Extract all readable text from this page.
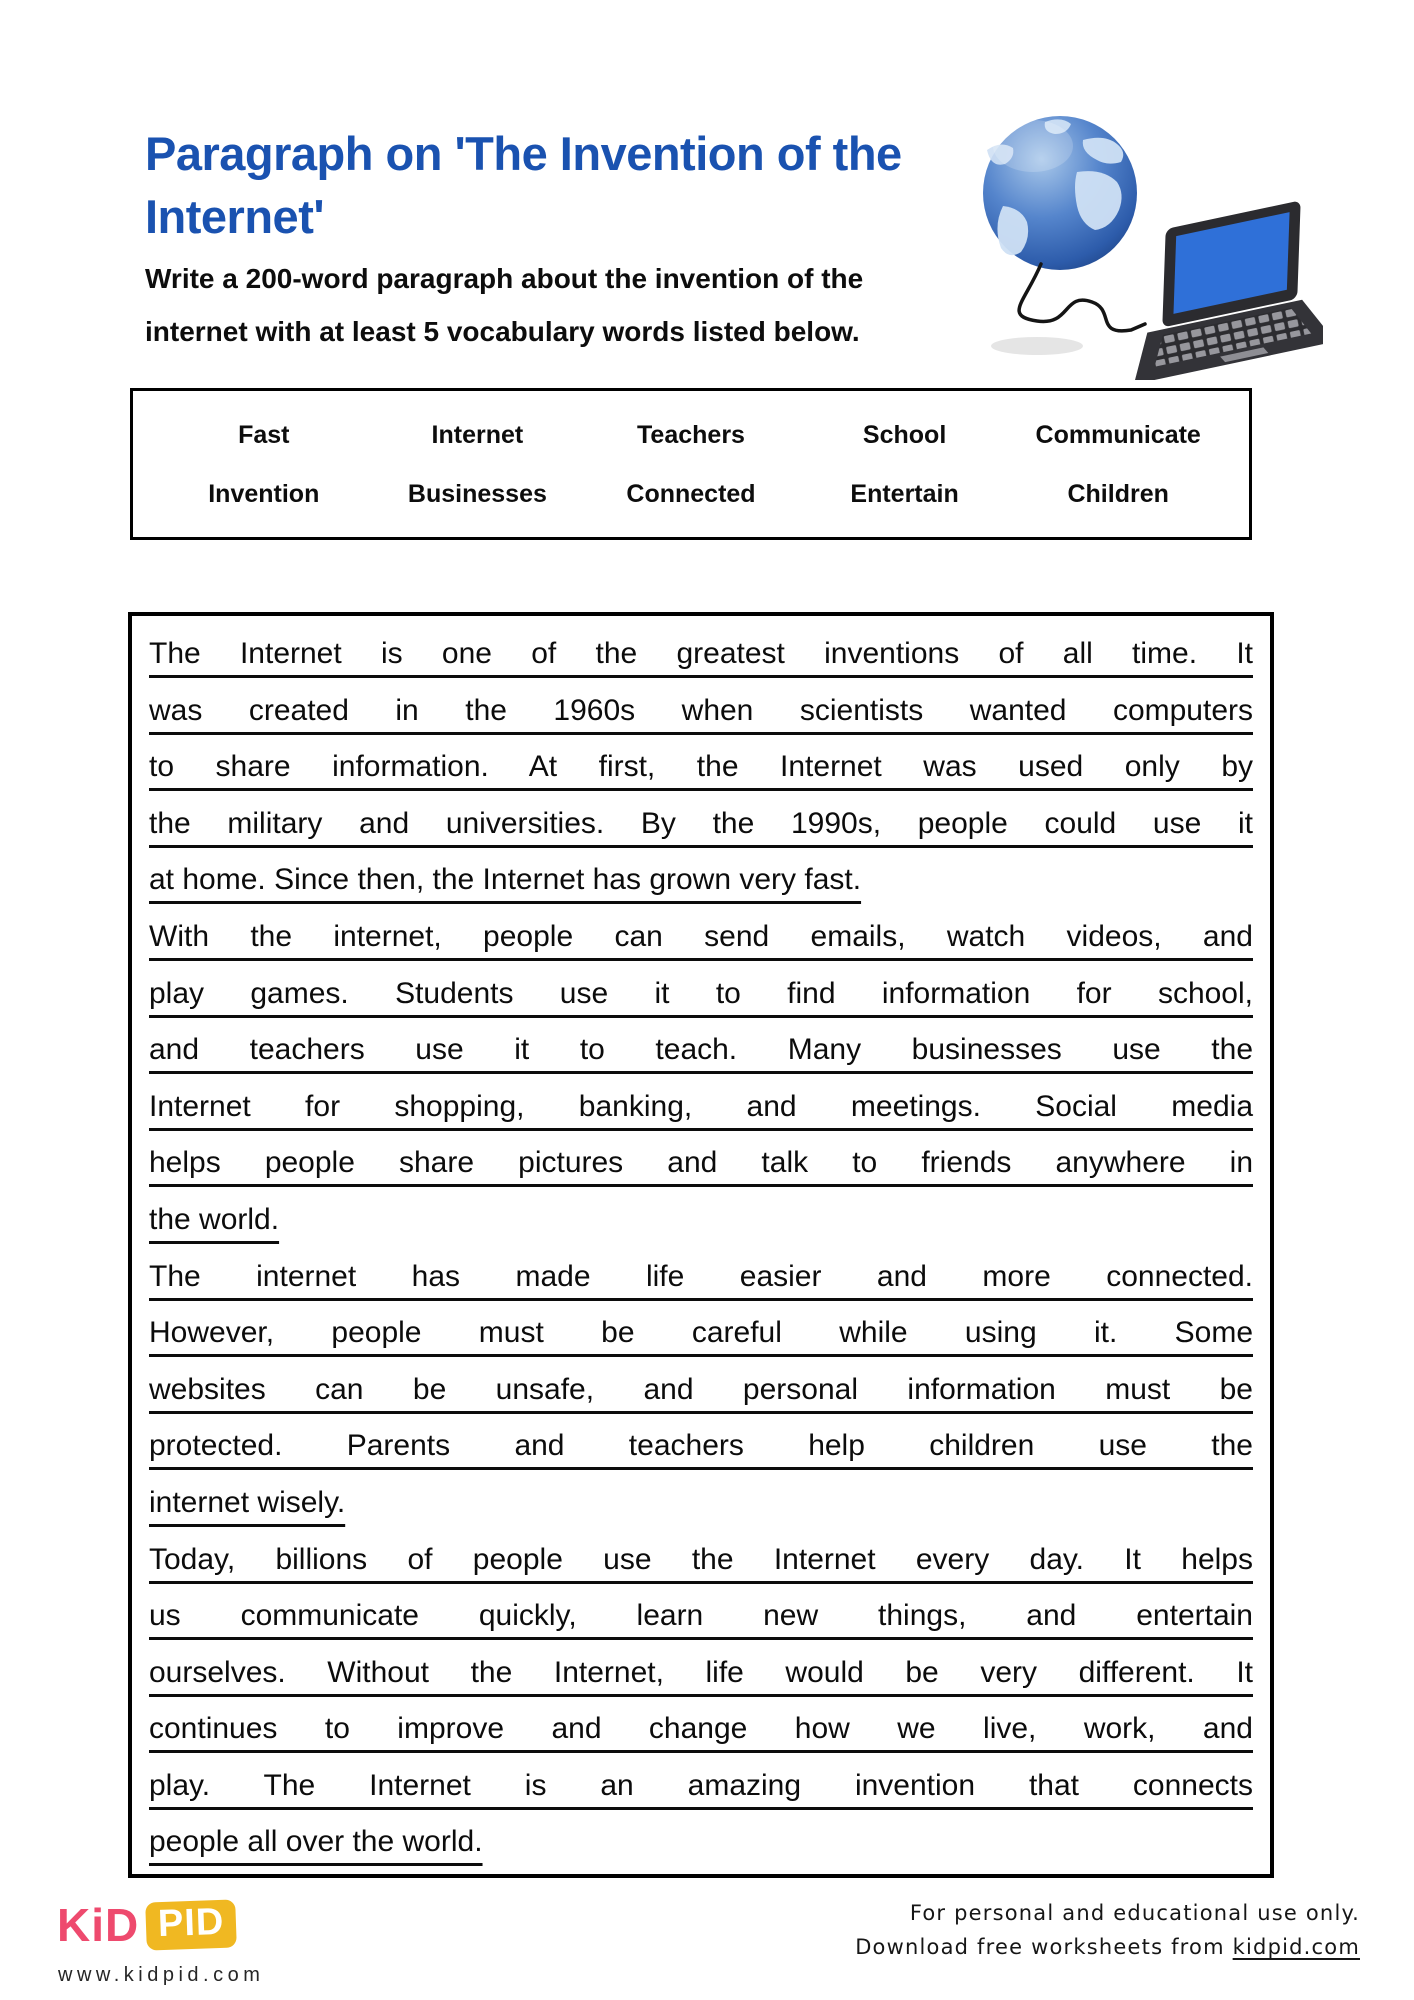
Paragraph on 'The Invention of the
Internet'
Write a 200-word paragraph about the invention of the
internet with at least 5 vocabulary words listed below.
Fast	Internet	Teachers	School	Communicate
Invention	Businesses	Connected	Entertain	Children
The Internet is one of the greatest inventions of all time. It
was created in the 1960s when scientists wanted computers
to share information. At first, the Internet was used only by
the military and universities. By the 1990s, people could use it
at home. Since then, the Internet has grown very fast.
With the internet, people can send emails, watch videos, and
play games. Students use it to find information for school,
and teachers use it to teach. Many businesses use the
Internet for shopping, banking, and meetings. Social media
helps people share pictures and talk to friends anywhere in
the world.
The internet has made life easier and more connected.
However, people must be careful while using it. Some
websites can be unsafe, and personal information must be
protected. Parents and teachers help children use the
internet wisely.
Today, billions of people use the Internet every day. It helps
us communicate quickly, learn new things, and entertain
ourselves. Without the Internet, life would be very different. It
continues to improve and change how we live, work, and
play. The Internet is an amazing invention that connects
people all over the world.
KiD PID
www.kidpid.com
For personal and educational use only.
Download free worksheets from kidpid.com
